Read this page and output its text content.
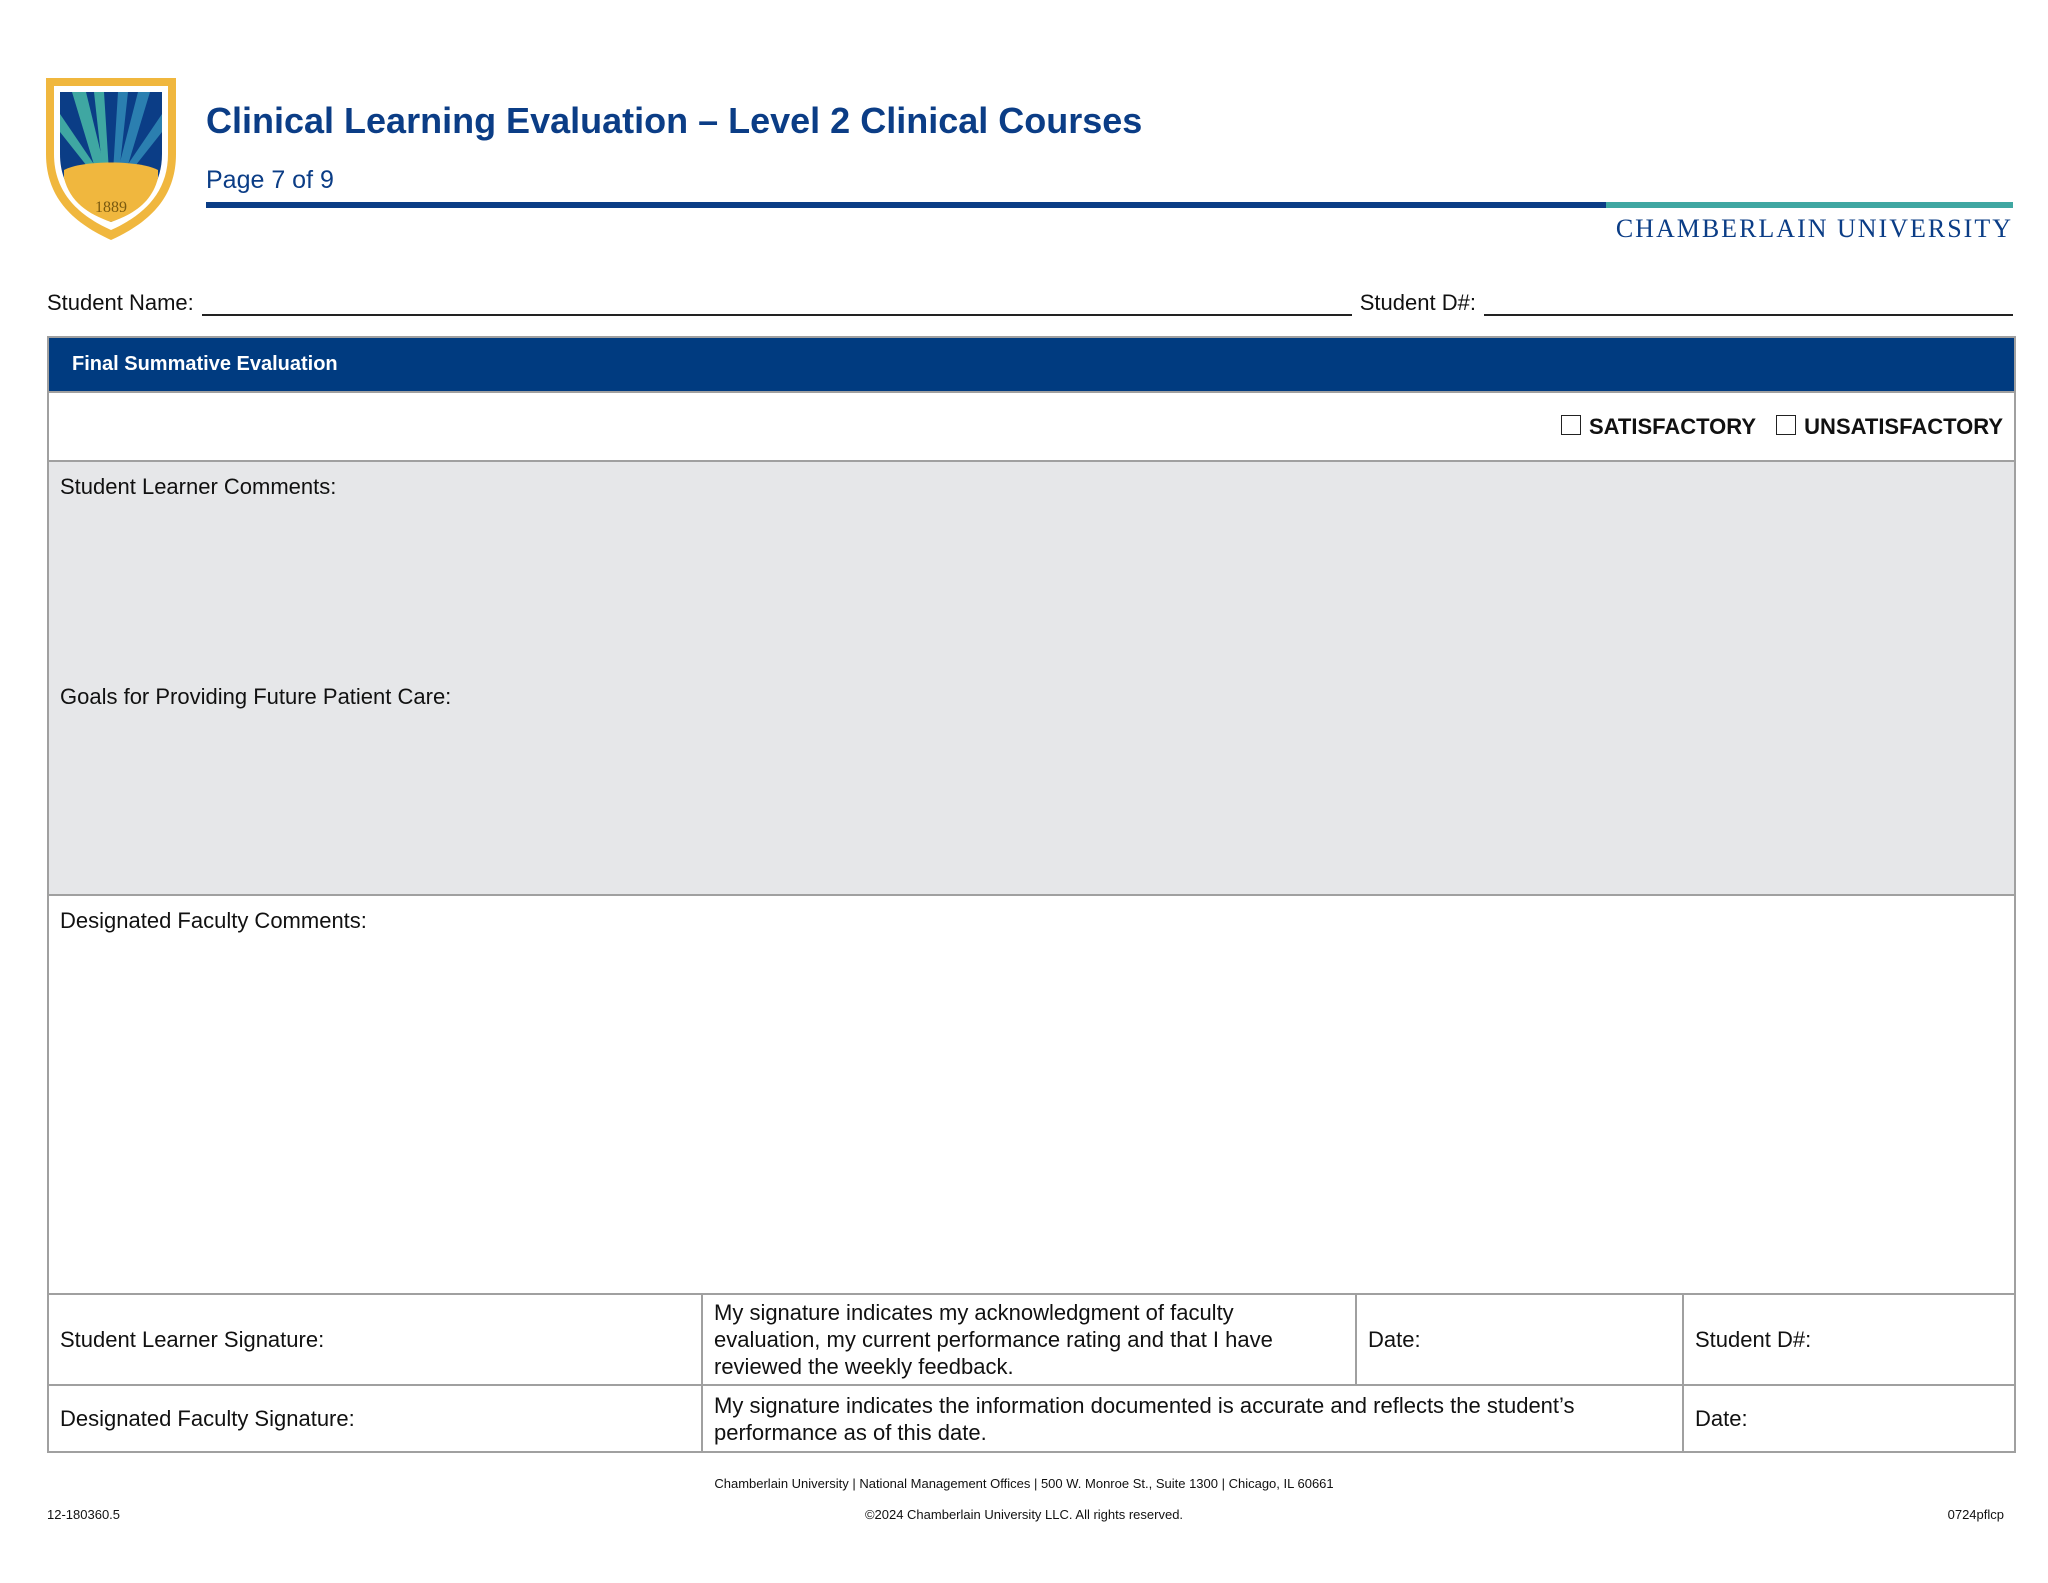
1889
Clinical Learning Evaluation – Level 2 Clinical Courses
Page 7 of 9
CHAMBERLAIN UNIVERSITY
Student Name:	Student D#:
Final Summative Evaluation			
SATISFACTORY UNSATISFACTORY			

Student Learner Comments:
Goals for Providing Future Patient Care:			

Designated Faculty Comments:			
Student Learner Signature:	My signature indicates my acknowledgment of faculty evaluation, my current performance rating and that I have reviewed the weekly feedback.	Date:	Student D#:
Designated Faculty Signature:	My signature indicates the information documented is accurate and reflects the student’s performance as of this date.		Date:
Chamberlain University | National Management Offices | 500 W. Monroe St., Suite 1300 | Chicago, IL 60661
12-180360.5	©2024 Chamberlain University LLC. All rights reserved.	0724pflcp
